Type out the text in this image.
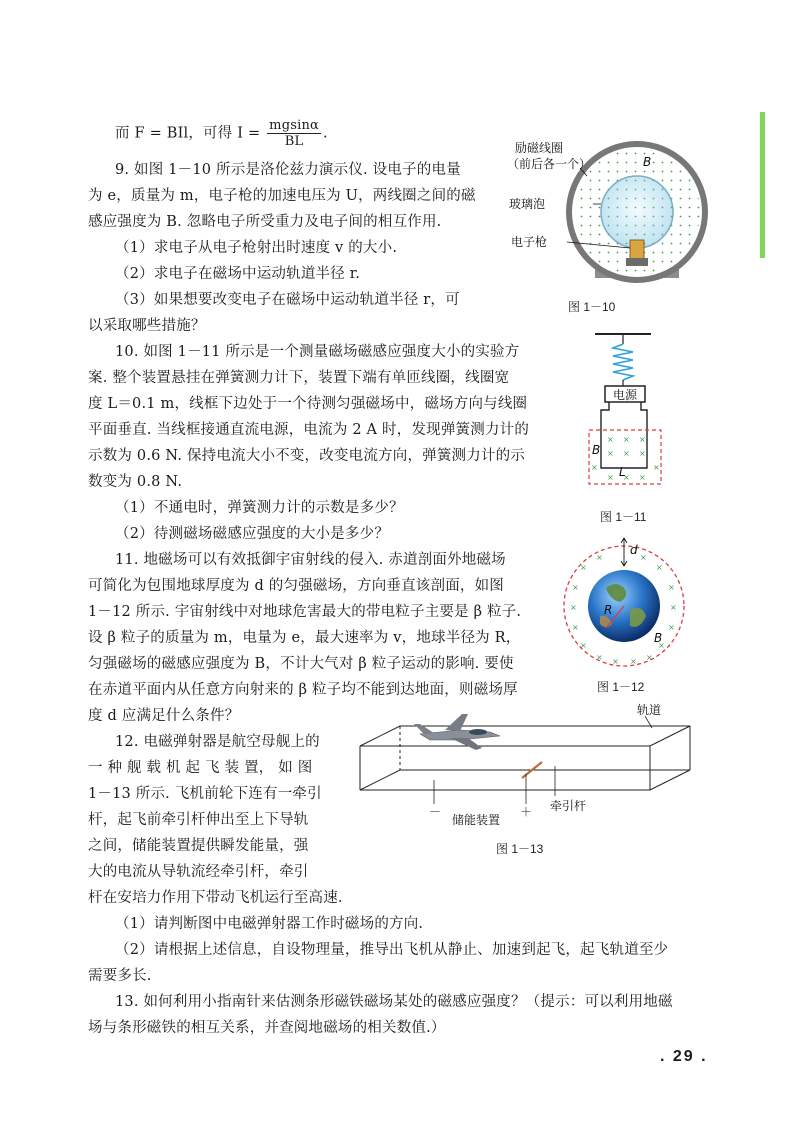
而 F = BIl，可得 $I = \frac{mgsin\alpha}{BL}$ .
9. 如图 1－10 所示是洛伦兹力演示仪. 设电子的电量
为 e，质量为 m，电子枪的加速电压为 U，两线圈之间的磁
感应强度为 B. 忽略电子所受重力及电子间的相互作用.
（1）求电子从电子枪射出时速度 v 的大小.
（2）求电子在磁场中运动轨道半径 r.
（3）如果想要改变电子在磁场中运动轨道半径 r，可
以采取哪些措施？
10. 如图 1－11 所示是一个测量磁场磁感应强度大小的实验方
案. 整个装置悬挂在弹簧测力计下，装置下端有单匝线圈，线圈宽
度 L＝0.1 m，线框下边处于一个待测匀强磁场中，磁场方向与线圈
平面垂直. 当线框接通直流电源，电流为 2 A 时，发现弹簧测力计的
示数为 0.6 N. 保持电流大小不变，改变电流方向，弹簧测力计的示
数变为 0.8 N.
（1）不通电时，弹簧测力计的示数是多少？
（2）待测磁场磁感应强度的大小是多少？
11. 地磁场可以有效抵御宇宙射线的侵入. 赤道剖面外地磁场
可简化为包围地球厚度为 d 的匀强磁场，方向垂直该剖面，如图
1－12 所示. 宇宙射线中对地球危害最大的带电粒子主要是 β 粒子.
设 β 粒子的质量为 m，电量为 e，最大速率为 v，地球半径为 R，
匀强磁场的磁感应强度为 B，不计大气对 β 粒子运动的影响. 要使
在赤道平面内从任意方向射来的 β 粒子均不能到达地面，则磁场厚
度 d 应满足什么条件？
12. 电磁弹射器是航空母舰上的
一 种 舰 载 机 起 飞 装 置， 如 图
1－13 所示. 飞机前轮下连有一牵引
杆，起飞前牵引杆伸出至上下导轨
之间，储能装置提供瞬发能量，强
大的电流从导轨流经牵引杆，牵引
杆在安培力作用下带动飞机运行至高速.
（1）请判断图中电磁弹射器工作时磁场的方向.
（2）请根据上述信息，自设物理量，推导出飞机从静止、加速到起飞，起飞轨道至少
需要多长.
13. 如何利用小指南针来估测条形磁铁磁场某处的磁感应强度？（提示：可以利用地磁
场与条形磁铁的相互关系，并查阅地磁场的相关数值.）
励磁线圈
（前后各一个）
玻璃泡
电子枪
B
图 1－10
电源
× × ×
× × ×
×
× × ×
×
B
L
图 1－11
×
×	×
×
×	×
×	×
×	×
×	×
× × × ×
d
R
B
图 1－12
轨道
牵引杆
储能装置
－	＋
图 1－13
. 29 .
